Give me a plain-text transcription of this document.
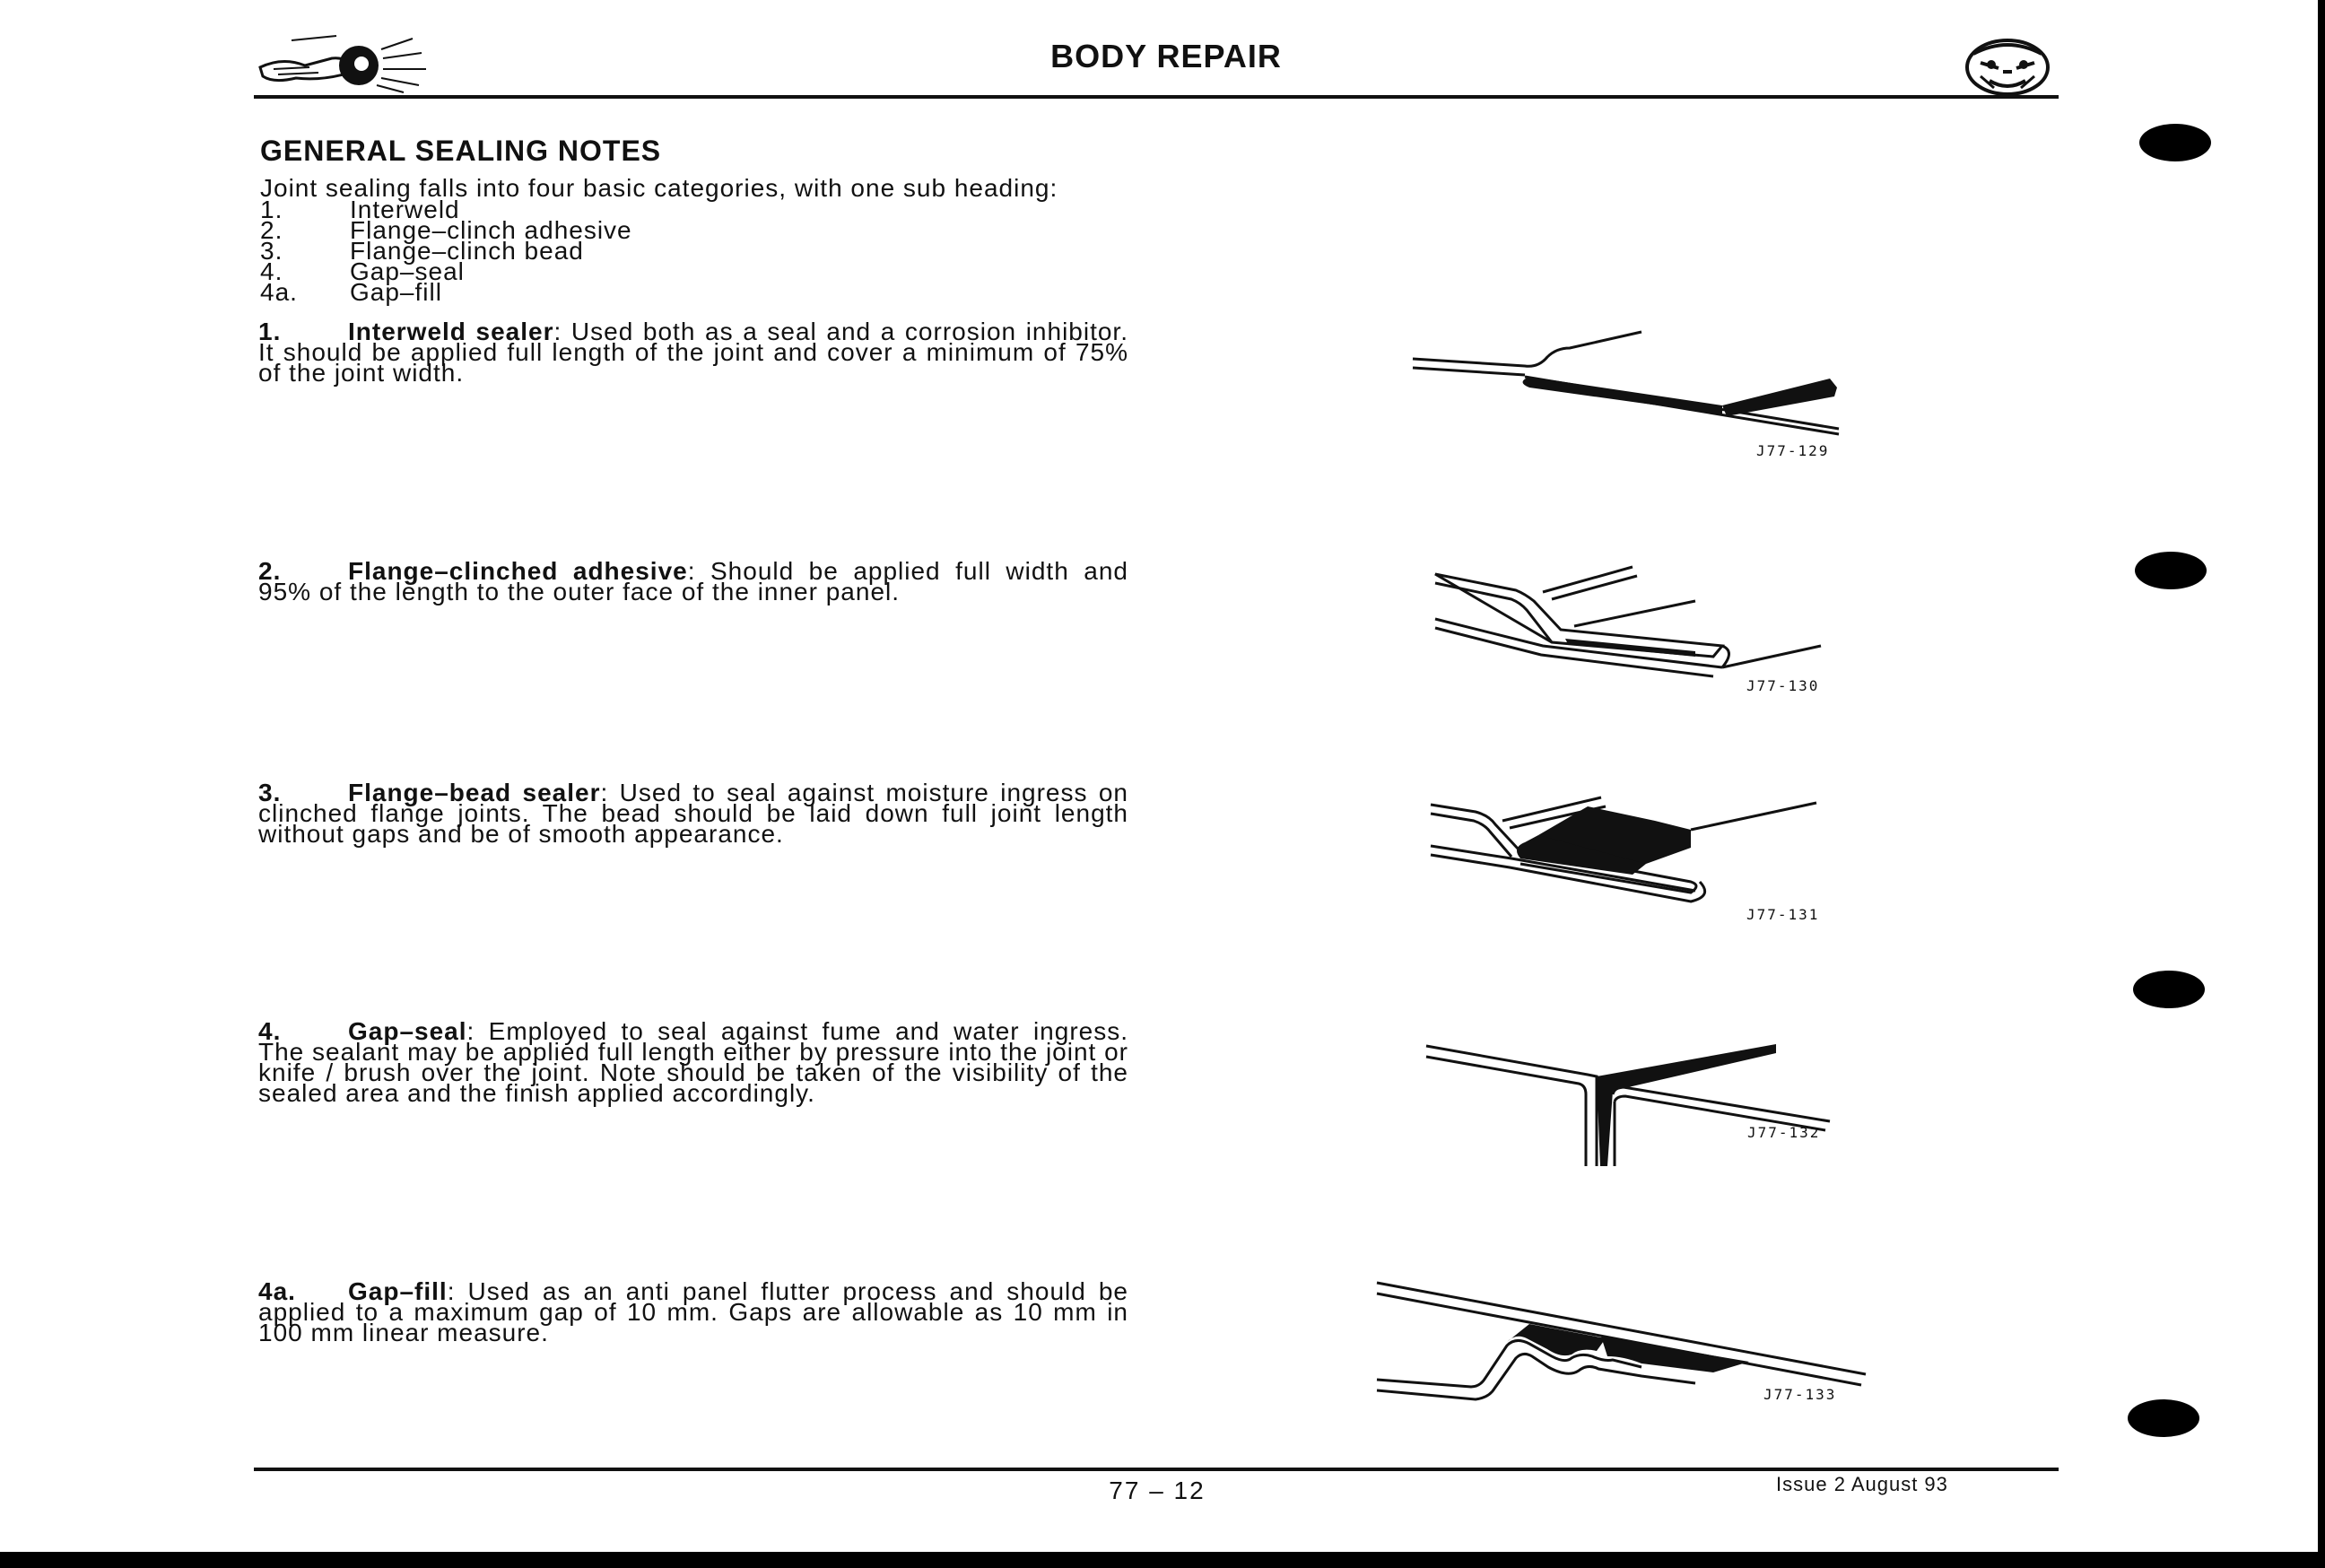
BODY REPAIR
GENERAL SEALING NOTES
Joint sealing falls into four basic categories, with one sub heading:
1.	Interweld
2.	Flange–clinch adhesive
3.	Flange–clinch bead
4.	Gap–seal
4a.	Gap–fill
1.	Interweld sealer: Used both as a seal and a corrosion inhibitor. It should be applied full length of the joint and cover a minimum of 75% of the joint width.
2.	Flange–clinched adhesive: Should be applied full width and 95% of the length to the outer face of the inner panel.
3.	Flange–bead sealer: Used to seal against moisture ingress on clinched flange joints. The bead should be laid down full joint length without gaps and be of smooth appearance.
4.	Gap–seal: Employed to seal against fume and water ingress. The sealant may be applied full length either by pressure into the joint or knife / brush over the joint. Note should be taken of the visibility of the sealed area and the finish applied accordingly.
4a. Gap–fill: Used as an anti panel flutter process and should be applied to a maximum gap of 10 mm. Gaps are allowable as 10 mm in 100 mm linear measure.
J77-129
J77-130
J77-131
J77-132
J77-133
77 – 12	Issue 2 August 93
